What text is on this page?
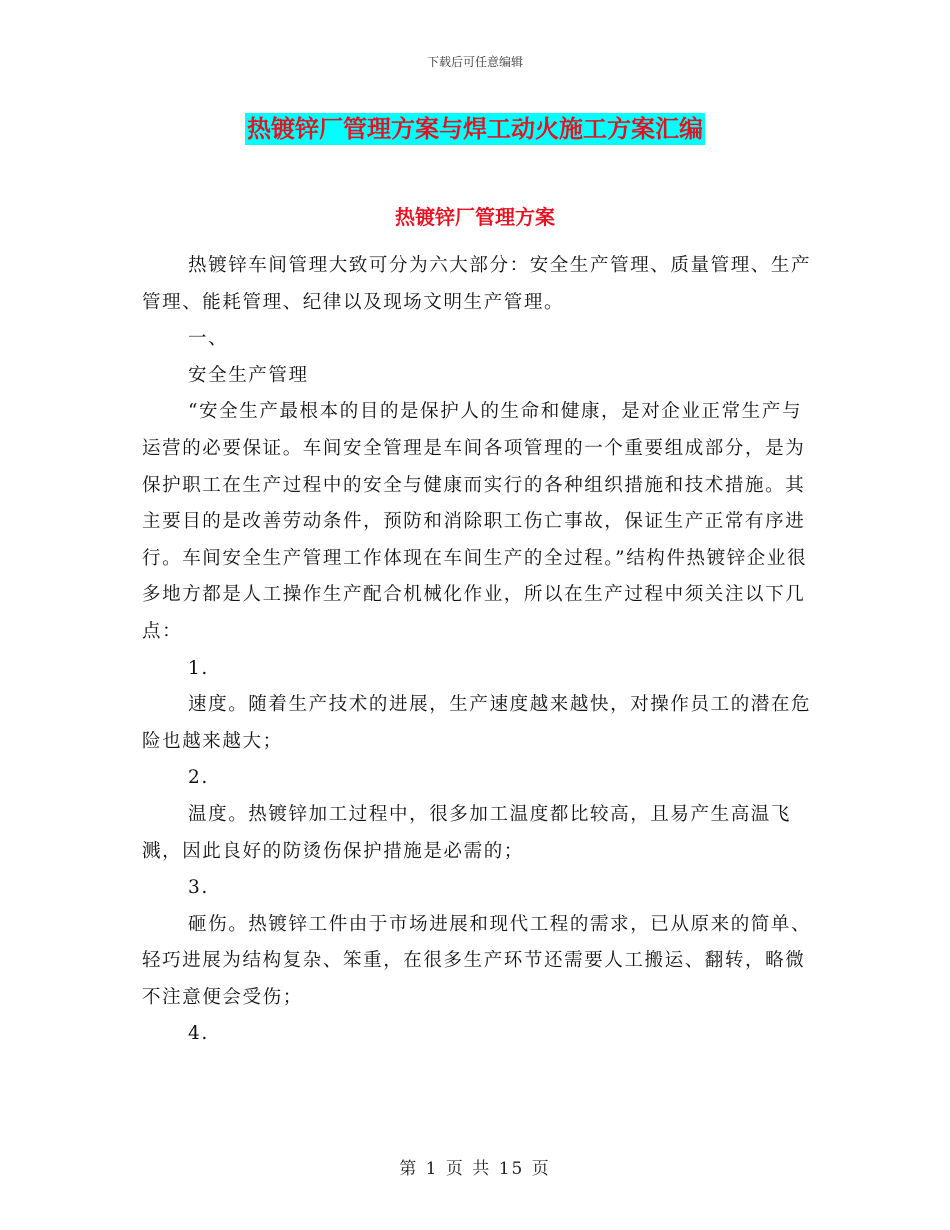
下载后可任意编辑
热镀锌厂管理方案与焊工动火施工方案汇编
热镀锌厂管理方案

热镀锌车间管理大致可分为六大部分：安全生产管理、质量管理、生产管理、能耗管理、纪律以及现场文明生产管理。

一、

安全生产管理

“安全生产最根本的目的是保护人的生命和健康，是对企业正常生产与运营的必要保证。车间安全管理是车间各项管理的一个重要组成部分，是为保护职工在生产过程中的安全与健康而实行的各种组织措施和技术措施。其主要目的是改善劳动条件，预防和消除职工伤亡事故，保证生产正常有序进行。车间安全生产管理工作体现在车间生产的全过程。”结构件热镀锌企业很多地方都是人工操作生产配合机械化作业，所以在生产过程中须关注以下几点：

1.

速度。随着生产技术的进展，生产速度越来越快，对操作员工的潜在危险也越来越大；

2.

温度。热镀锌加工过程中，很多加工温度都比较高，且易产生高温飞溅，因此良好的防烫伤保护措施是必需的；

3.

砸伤。热镀锌工件由于市场进展和现代工程的需求，已从原来的简单、轻巧进展为结构复杂、笨重，在很多生产环节还需要人工搬运、翻转，略微不注意便会受伤；

4.

第 1 页 共 15 页
